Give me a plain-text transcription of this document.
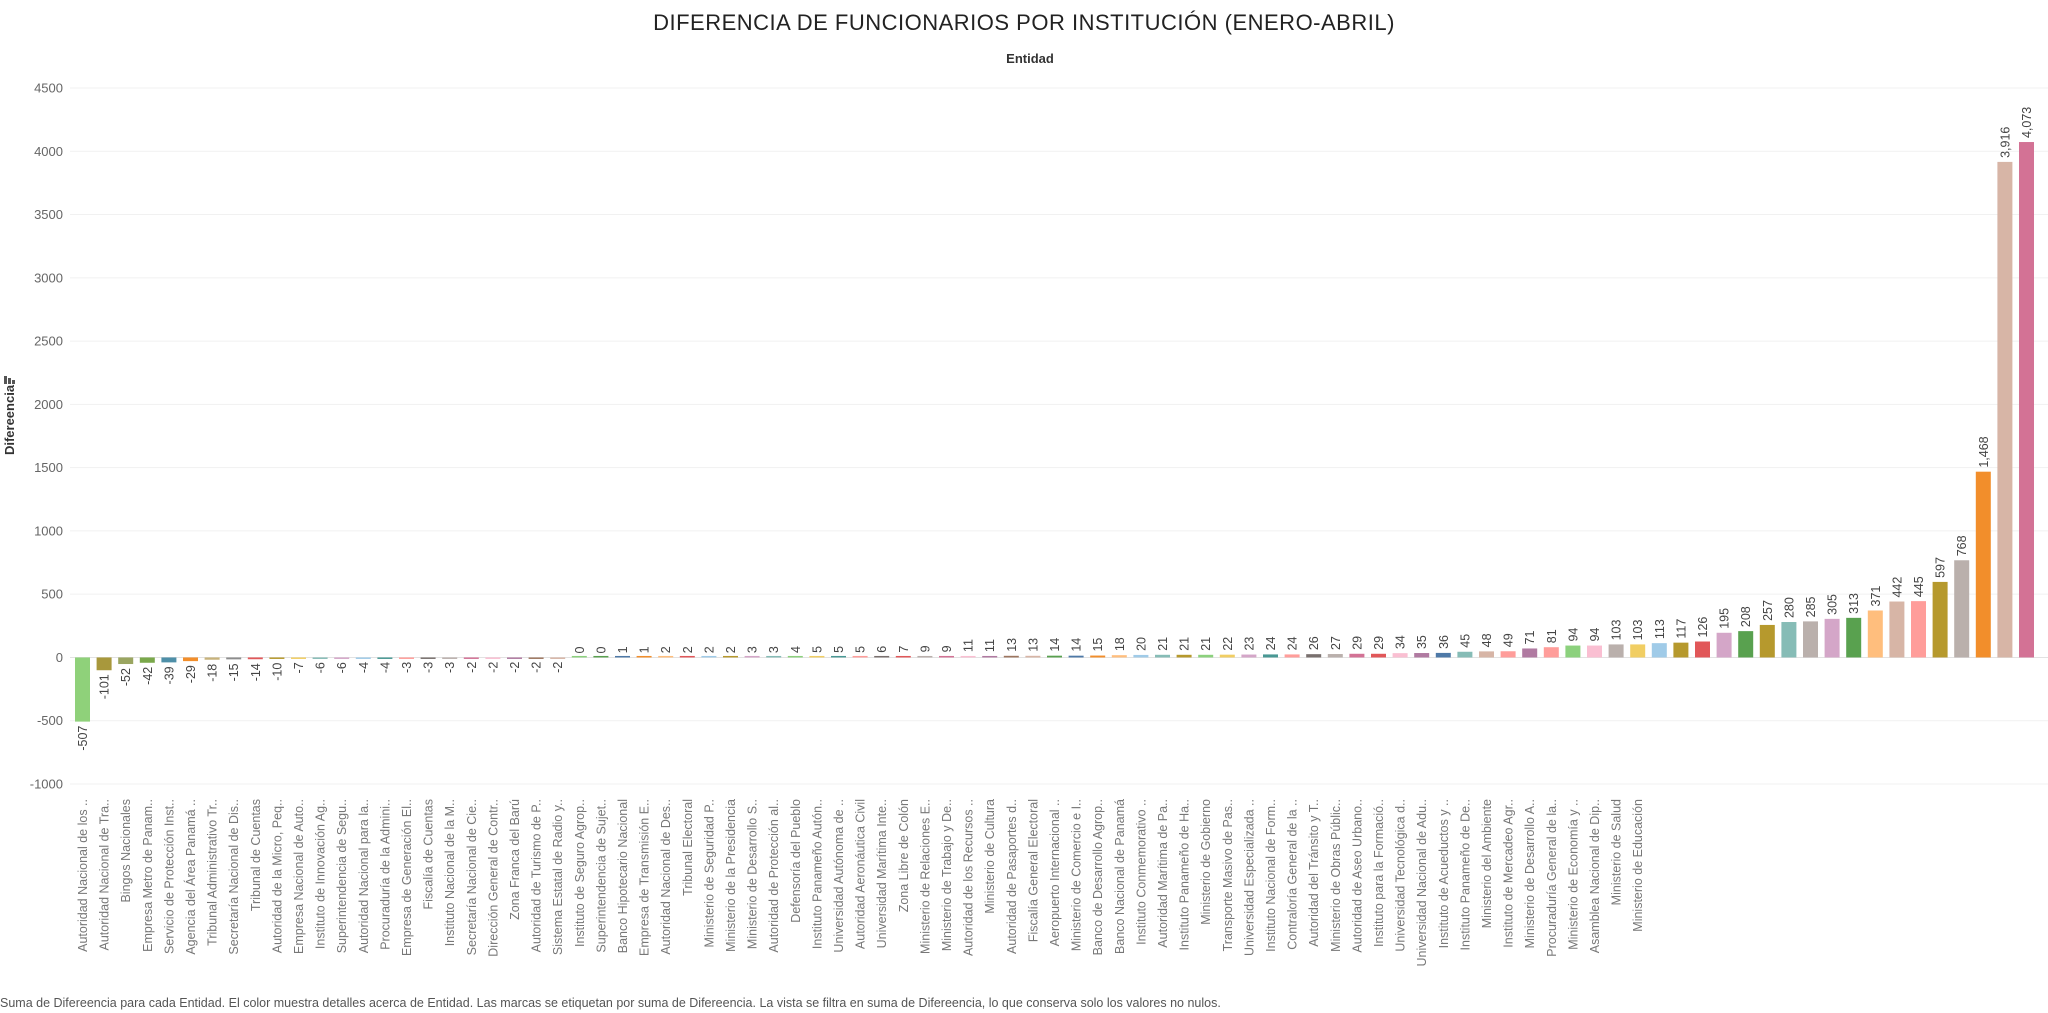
DIFERENCIA DE FUNCIONARIOS POR INSTITUCIÓN (ENERO-ABRIL)
Entidad
-1000
-500
0
500
1000
1500
2000
2500
3000
3500
4000
4500
-507
-101 -52 -42 -39 -29 -18 -15 -14 -10 -7 -6 -6 -4 -4 -3 -3 -3 -2 -2 -2 -2 -2
0 0 1 1 2 2 2 2 3 3 4 5 5 5 6 7 9 9 11 11 13 13 14 14 15 18 20 21 21 21 22 23 24 24 26 27 29 29 34 35 36 45 48 49 71 81 94 94 103 103 113 117 126 195 208 257 280 285 305 313 371 442 445
597
768
1,468
3,916
4,073
Autoridad Nacional de los .. Autoridad Nacional de Tra.. Bingos Nacionales Empresa Metro de Panam.. Servicio de Protección Inst.. Agencia del Área Panamá .. Tribunal Administrativo Tr.. Secretaría Nacional de Dis.. Tribunal de Cuentas Autoridad de la Micro, Peq.. Empresa Nacional de Auto.. Instituto de Innovación Ag.. Superintendencia de Segu.. Autoridad Nacional para la.. Procuraduría de la Admini.. Empresa de Generación El.. Fiscalía de Cuentas Instituto Nacional de la M.. Secretaría Nacional de Cie.. Dirección General de Contr.. Zona Franca del Barú Autoridad de Turismo de P.. Sistema Estatal de Radio y.. Instituto de Seguro Agrop.. Superintendencia de Sujet.. Banco Hipotecario Nacional Empresa de Transmisión E.. Autoridad Nacional de Des.. Tribunal Electoral Ministerio de Seguridad P.. Ministerio de la Presidencia Ministerio de Desarrollo S.. Autoridad de Protección al.. Defensoría del Pueblo Instituto Panameño Autón.. Universidad Autónoma de .. Autoridad Aeronáutica Civil Universidad Marítima Inte.. Zona Libre de Colón Ministerio de Relaciones E.. Ministerio de Trabajo y De.. Autoridad de los Recursos .. Ministerio de Cultura Autoridad de Pasaportes d.. Fiscalía General Electoral Aeropuerto Internacional .. Ministerio de Comercio e I.. Banco de Desarrollo Agrop.. Banco Nacional de Panamá Instituto Conmemorativo .. Autoridad Marítima de Pa.. Instituto Panameño de Ha.. Ministerio de Gobierno Transporte Masivo de Pas.. Universidad Especializada .. Instituto Nacional de Form.. Contraloría General de la .. Autoridad del Tránsito y T.. Ministerio de Obras Públic.. Autoridad de Aseo Urbano.. Instituto para la Formació.. Universidad Tecnológica d.. Universidad Nacional de Adu.. Instituto de Acueductos y .. Instituto Panameño de De.. Ministerio del Ambiente Instituto de Mercadeo Agr.. Ministerio de Desarrollo A.. Procuraduría General de la.. Ministerio de Economía y .. Asamblea Nacional de Dip.. Ministerio de Salud Ministerio de Educación
Difereencia
Suma de Difereencia para cada Entidad. El color muestra detalles acerca de Entidad. Las marcas se etiquetan por suma de Difereencia. La vista se filtra en suma de Difereencia, lo que conserva solo los valores no nulos.
